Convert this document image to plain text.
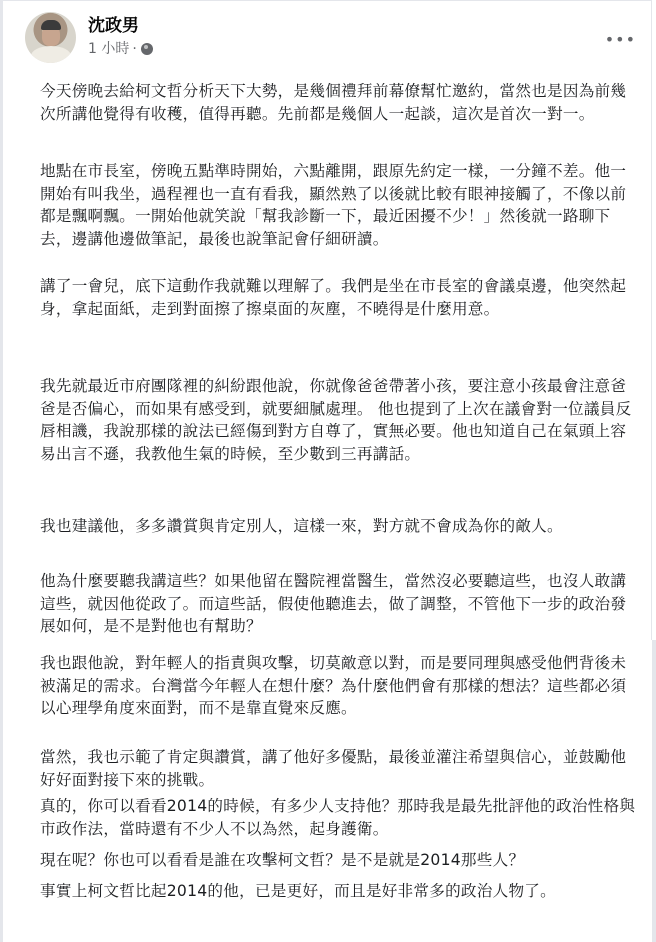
沈政男
1 小時 ·	•••

今天傍晚去給柯文哲分析天下大勢，是幾個禮拜前幕僚幫忙邀約，當然也是因為前幾次所講他覺得有收穫，值得再聽。先前都是幾個人一起談，這次是首次一對一。

地點在市長室，傍晚五點準時開始，六點離開，跟原先約定一樣，一分鐘不差。他一開始有叫我坐，過程裡也一直有看我，顯然熟了以後就比較有眼神接觸了，不像以前都是飄啊飄。一開始他就笑說「幫我診斷一下，最近困擾不少！」然後就一路聊下去，邊講他邊做筆記，最後也說筆記會仔細研讀。

講了一會兒，底下這動作我就難以理解了。我們是坐在市長室的會議桌邊，他突然起身，拿起面紙，走到對面擦了擦桌面的灰塵，不曉得是什麼用意。

我先就最近市府團隊裡的糾紛跟他說，你就像爸爸帶著小孩，要注意小孩最會注意爸爸是否偏心，而如果有感受到，就要細膩處理。 他也提到了上次在議會對一位議員反唇相譏，我說那樣的說法已經傷到對方自尊了，實無必要。他也知道自己在氣頭上容易出言不遜，我教他生氣的時候，至少數到三再講話。

我也建議他，多多讚賞與肯定別人，這樣一來，對方就不會成為你的敵人。

他為什麼要聽我講這些？如果他留在醫院裡當醫生，當然沒必要聽這些，也沒人敢講這些，就因他從政了。而這些話，假使他聽進去，做了調整，不管他下一步的政治發展如何，是不是對他也有幫助？

我也跟他說，對年輕人的指責與攻擊，切莫敵意以對，而是要同理與感受他們背後未被滿足的需求。台灣當今年輕人在想什麼？為什麼他們會有那樣的想法？這些都必須以心理學角度來面對，而不是靠直覺來反應。

當然，我也示範了肯定與讚賞，講了他好多優點，最後並灌注希望與信心，並鼓勵他好好面對接下來的挑戰。

真的，你可以看看2014的時候，有多少人支持他？那時我是最先批評他的政治性格與市政作法，當時還有不少人不以為然，起身護衛。

現在呢？你也可以看看是誰在攻擊柯文哲？是不是就是2014那些人？

事實上柯文哲比起2014的他，已是更好，而且是好非常多的政治人物了。
